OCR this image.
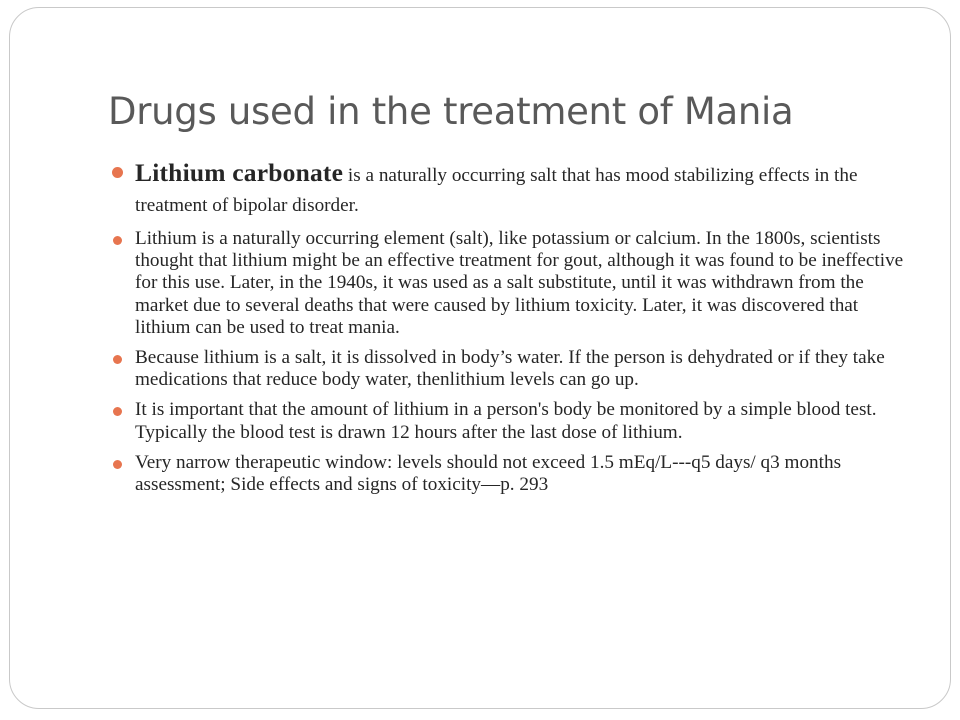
Drugs used in the treatment of Mania
Lithium carbonate is a naturally occurring salt that has mood stabilizing effects in the treatment of bipolar disorder.
Lithium is a naturally occurring element (salt), like potassium or calcium. In the 1800s, scientists thought that lithium might be an effective treatment for gout, although it was found to be ineffective for this use. Later, in the 1940s, it was used as a salt substitute, until it was withdrawn from the market due to several deaths that were caused by lithium toxicity. Later, it was discovered that lithium can be used to treat mania.
Because lithium is a salt, it is dissolved in body’s water. If the person is dehydrated or if they take medications that reduce body water, thenlithium levels can go up.
It is important that the amount of lithium in a person's body be monitored by a simple blood test. Typically the blood test is drawn 12 hours after the last dose of lithium.
Very narrow therapeutic window: levels should not exceed 1.5 mEq/L---q5 days/ q3 months assessment; Side effects and signs of toxicity—p. 293
